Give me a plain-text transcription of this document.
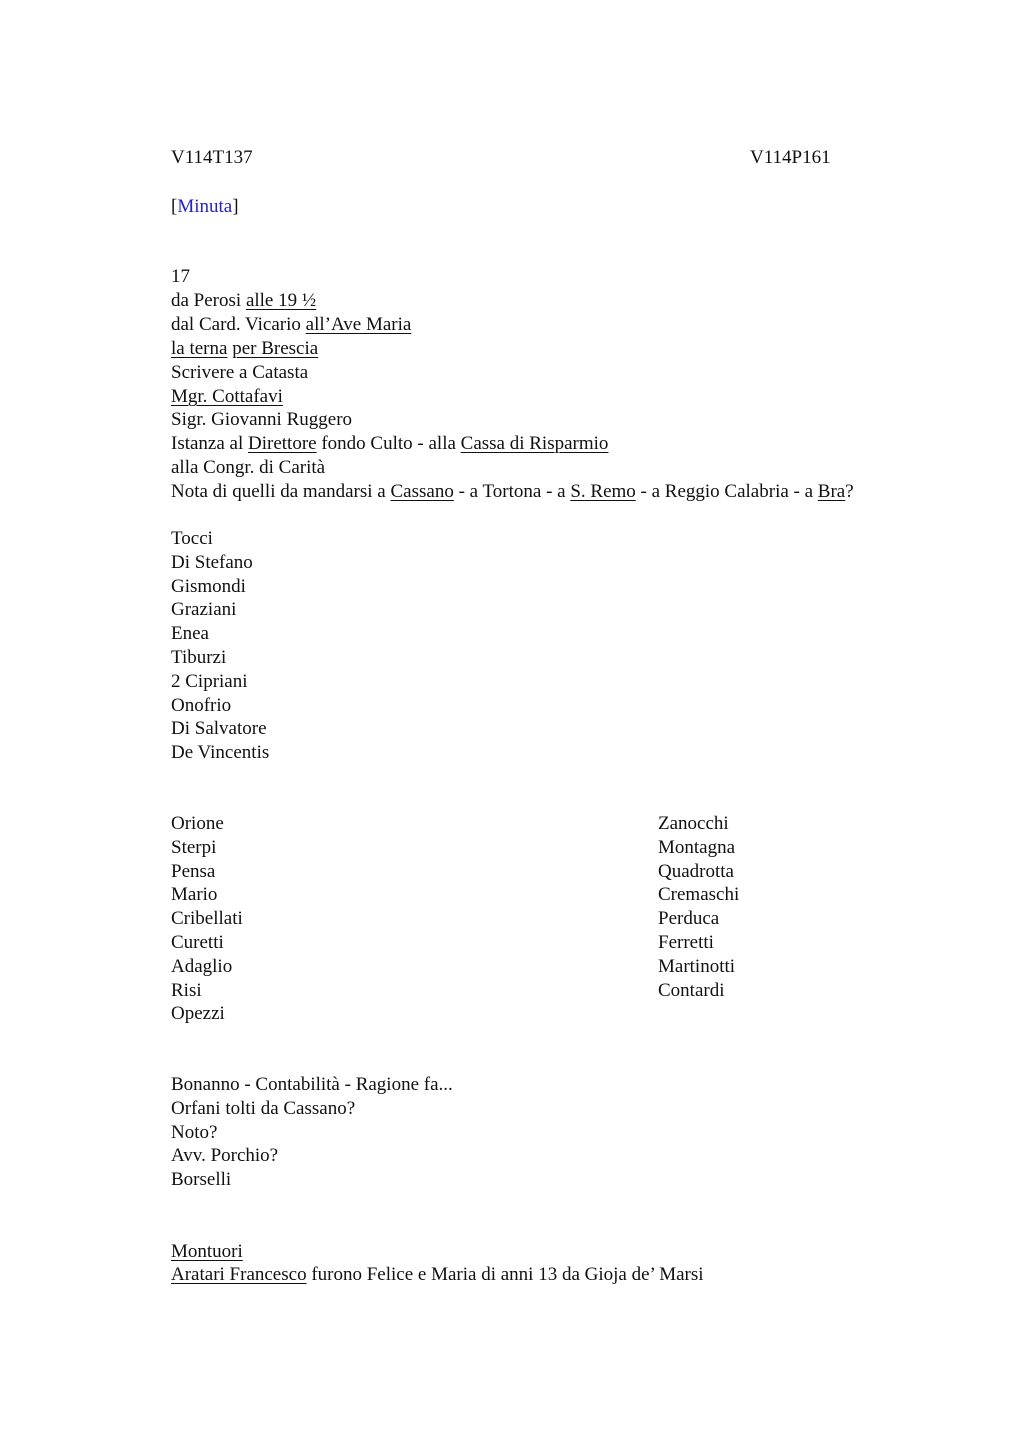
V114T137	V114P161
[Minuta]
17
da Perosi alle 19 ½
dal Card. Vicario all’Ave Maria
la terna per Brescia
Scrivere a Catasta
Mgr. Cottafavi
Sigr. Giovanni Ruggero
Istanza al Direttore fondo Culto - alla Cassa di Risparmio
alla Congr. di Carità
Nota di quelli da mandarsi a Cassano - a Tortona - a S. Remo - a Reggio Calabria - a Bra?
Tocci
Di Stefano
Gismondi
Graziani
Enea
Tiburzi
2 Cipriani
Onofrio
Di Salvatore
De Vincentis
Orione
Sterpi
Pensa
Mario
Cribellati
Curetti
Adaglio
Risi
Opezzi
Zanocchi
Montagna
Quadrotta
Cremaschi
Perduca
Ferretti
Martinotti
Contardi
Bonanno - Contabilità - Ragione fa...
Orfani tolti da Cassano?
Noto?
Avv. Porchio?
Borselli
Montuori
Aratari Francesco furono Felice e Maria di anni 13 da Gioja de’ Marsi
